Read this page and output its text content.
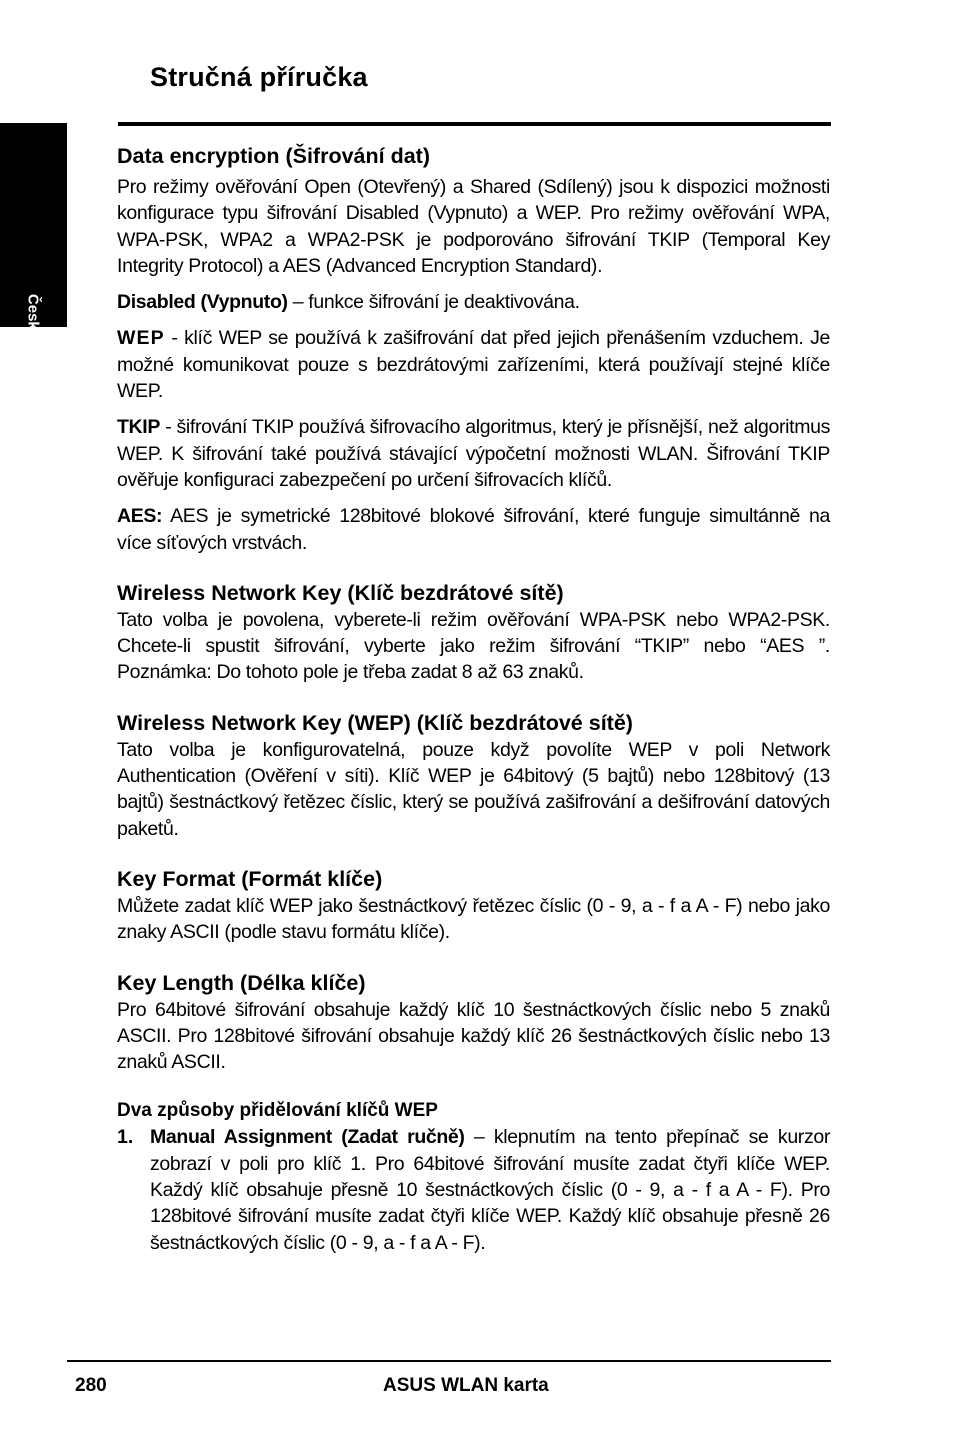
Stručná příručka
Česky
Data encryption (Šifrování dat)

Pro režimy ověřování Open (Otevřený) a Shared (Sdílený) jsou k dispozici možnosti konfigurace typu šifrování Disabled (Vypnuto) a WEP. Pro režimy ověřování WPA, WPA-PSK, WPA2 a WPA2-PSK je podporováno šifrování TKIP (Temporal Key Integrity Protocol) a AES (Advanced Encryption Standard).

Disabled (Vypnuto) – funkce šifrování je deaktivována.

WEP - klíč WEP se používá k zašifrování dat před jejich přenášením vzduchem. Je možné komunikovat pouze s bezdrátovými zařízeními, která používají stejné klíče WEP.

TKIP - šifrování TKIP používá šifrovacího algoritmus, který je přísnější, než algoritmus WEP. K šifrování také používá stávající výpočetní možnosti WLAN. Šifrování TKIP ověřuje konfiguraci zabezpečení po určení šifrovacích klíčů.

AES: AES je symetrické 128bitové blokové šifrování, které funguje simultánně na více síťových vrstvách.

Wireless Network Key (Klíč bezdrátové sítě)

Tato volba je povolena, vyberete-li režim ověřování WPA-PSK nebo WPA2-PSK. Chcete-li spustit šifrování, vyberte jako režim šifrování “TKIP” nebo “AES ”. Poznámka: Do tohoto pole je třeba zadat 8 až 63 znaků.

Wireless Network Key (WEP) (Klíč bezdrátové sítě)

Tato volba je konfigurovatelná, pouze když povolíte WEP v poli Network Authentication (Ověření v síti). Klíč WEP je 64bitový (5 bajtů) nebo 128bitový (13 bajtů) šestnáctkový řetězec číslic, který se používá zašifrování a dešifrování datových paketů.

Key Format (Formát klíče)

Můžete zadat klíč WEP jako šestnáctkový řetězec číslic (0 - 9, a - f a A - F) nebo jako znaky ASCII (podle stavu formátu klíče).

Key Length (Délka klíče)

Pro 64bitové šifrování obsahuje každý klíč 10 šestnáctkových číslic nebo 5 znaků ASCII. Pro 128bitové šifrování obsahuje každý klíč 26 šestnáctkových číslic nebo 13 znaků ASCII.

Dva způsoby přidělování klíčů WEP
1. Manual Assignment (Zadat ručně) – klepnutím na tento přepínač se kurzor zobrazí v poli pro klíč 1. Pro 64bitové šifrování musíte zadat čtyři klíče WEP. Každý klíč obsahuje přesně 10 šestnáctkových číslic (0 - 9, a - f a A - F). Pro 128bitové šifrování musíte zadat čtyři klíče WEP. Každý klíč obsahuje přesně 26 šestnáctkových číslic (0 - 9, a - f a A - F).

280	ASUS WLAN karta
